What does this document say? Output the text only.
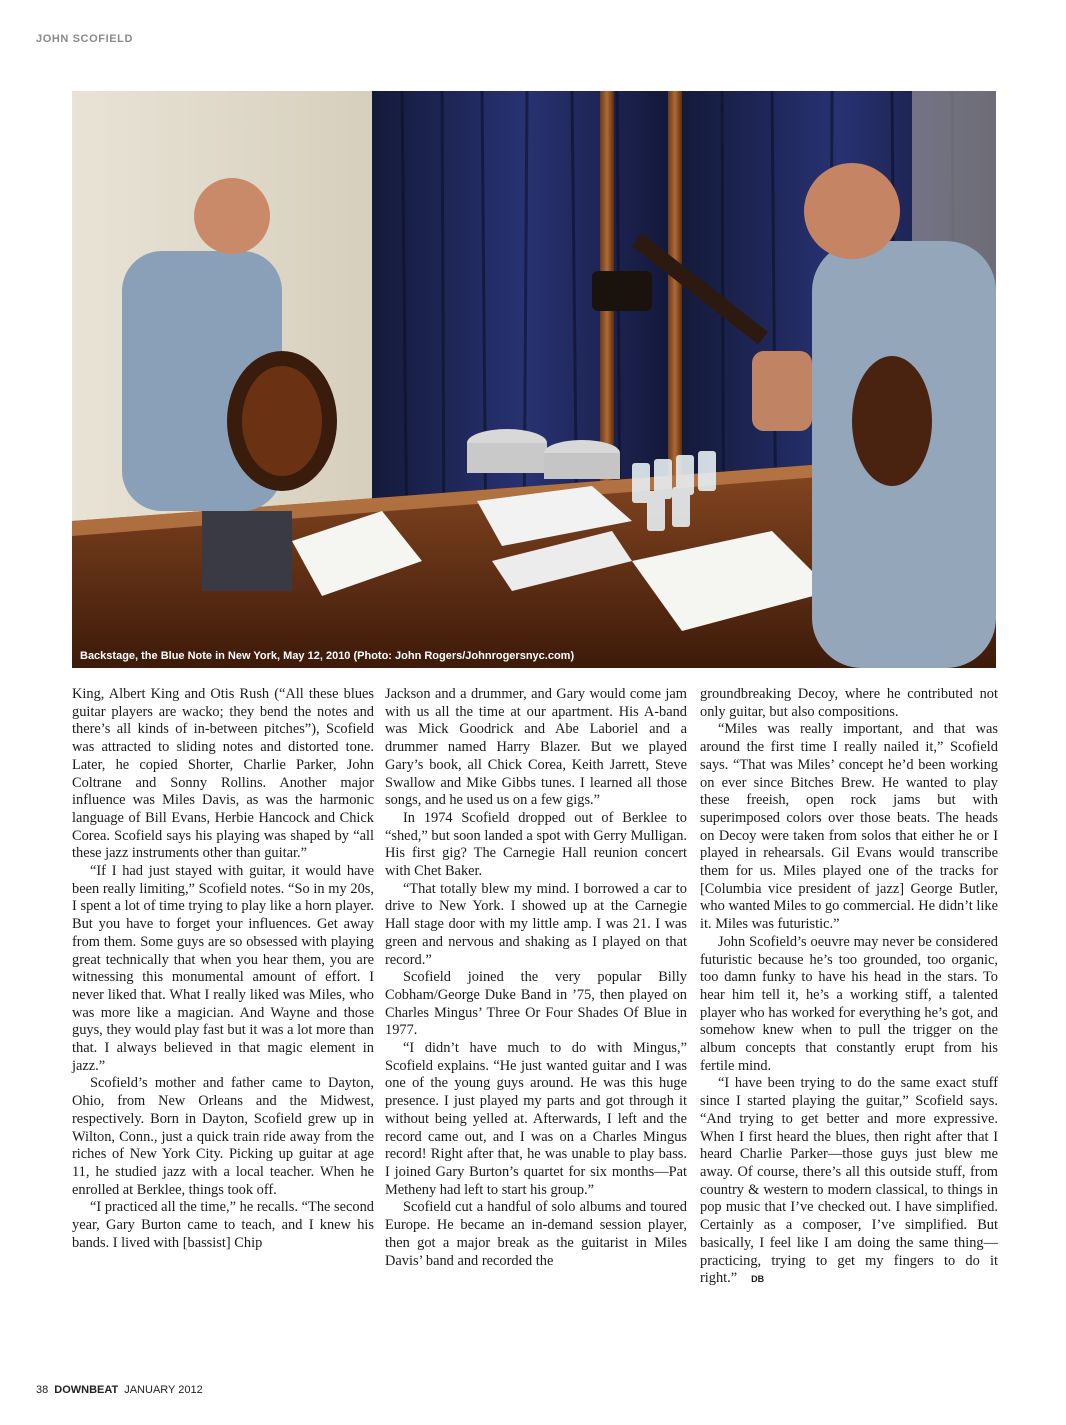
JOHN SCOFIELD
Backstage, the Blue Note in New York, May 12, 2010 (Photo: John Rogers/Johnrogersnyc.com)

King, Albert King and Otis Rush (“All these blues guitar players are wacko; they bend the notes and there’s all kinds of in-between pitches”), Scofield was attracted to sliding notes and distorted tone. Later, he copied Shorter, Charlie Parker, John Coltrane and Sonny Rollins. Another major influence was Miles Davis, as was the harmonic language of Bill Evans, Herbie Hancock and Chick Corea. Scofield says his playing was shaped by “all these jazz instruments other than guitar.”

“If I had just stayed with guitar, it would have been really limiting,” Scofield notes. “So in my 20s, I spent a lot of time trying to play like a horn player. But you have to forget your influences. Get away from them. Some guys are so obsessed with playing great technically that when you hear them, you are witnessing this monumental amount of effort. I never liked that. What I really liked was Miles, who was more like a magician. And Wayne and those guys, they would play fast but it was a lot more than that. I always believed in that magic element in jazz.”

Scofield’s mother and father came to Dayton, Ohio, from New Orleans and the Midwest, respectively. Born in Dayton, Scofield grew up in Wilton, Conn., just a quick train ride away from the riches of New York City. Picking up guitar at age 11, he studied jazz with a local teacher. When he enrolled at Berklee, things took off.

“I practiced all the time,” he recalls. “The second year, Gary Burton came to teach, and I knew his bands. I lived with [bassist] Chip

Jackson and a drummer, and Gary would come jam with us all the time at our apartment. His A-band was Mick Goodrick and Abe Laboriel and a drummer named Harry Blazer. But we played Gary’s book, all Chick Corea, Keith Jarrett, Steve Swallow and Mike Gibbs tunes. I learned all those songs, and he used us on a few gigs.”

In 1974 Scofield dropped out of Berklee to “shed,” but soon landed a spot with Gerry Mulligan. His first gig? The Carnegie Hall reunion concert with Chet Baker.

“That totally blew my mind. I borrowed a car to drive to New York. I showed up at the Carnegie Hall stage door with my little amp. I was 21. I was green and nervous and shaking as I played on that record.”

Scofield joined the very popular Billy Cobham/George Duke Band in ’75, then played on Charles Mingus’ Three Or Four Shades Of Blue in 1977.

“I didn’t have much to do with Mingus,” Scofield explains. “He just wanted guitar and I was one of the young guys around. He was this huge presence. I just played my parts and got through it without being yelled at. Afterwards, I left and the record came out, and I was on a Charles Mingus record! Right after that, he was unable to play bass. I joined Gary Burton’s quartet for six months—Pat Metheny had left to start his group.”

Scofield cut a handful of solo albums and toured Europe. He became an in-demand session player, then got a major break as the guitarist in Miles Davis’ band and recorded the

groundbreaking Decoy, where he contributed not only guitar, but also compositions.

“Miles was really important, and that was around the first time I really nailed it,” Scofield says. “That was Miles’ concept he’d been working on ever since Bitches Brew. He wanted to play these freeish, open rock jams but with superimposed colors over those beats. The heads on Decoy were taken from solos that either he or I played in rehearsals. Gil Evans would transcribe them for us. Miles played one of the tracks for [Columbia vice president of jazz] George Butler, who wanted Miles to go commercial. He didn’t like it. Miles was futuristic.”

John Scofield’s oeuvre may never be considered futuristic because he’s too grounded, too organic, too damn funky to have his head in the stars. To hear him tell it, he’s a working stiff, a talented player who has worked for everything he’s got, and somehow knew when to pull the trigger on the album concepts that constantly erupt from his fertile mind.

“I have been trying to do the same exact stuff since I started playing the guitar,” Scofield says. “And trying to get better and more expressive. When I first heard the blues, then right after that I heard Charlie Parker—those guys just blew me away. Of course, there’s all this outside stuff, from country & western to modern classical, to things in pop music that I’ve checked out. I have simplified. Certainly as a composer, I’ve simplified. But basically, I feel like I am doing the same thing—practicing, trying to get my fingers to do it right.” DB

38 DOWNBEAT JANUARY 2012
